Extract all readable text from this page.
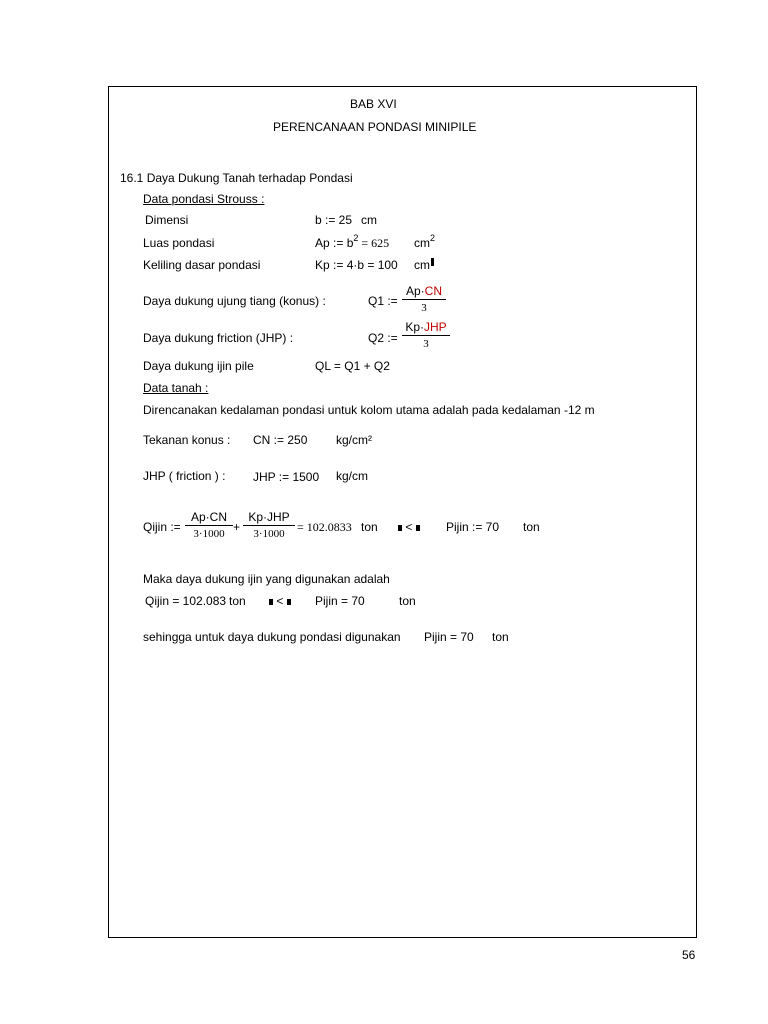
BAB XVI
PERENCANAAN PONDASI MINIPILE
16.1 Daya Dukung Tanah terhadap Pondasi
Data pondasi Strouss :
Dimensi	b := 25 cm
Luas pondasi	Ap := $b^2 = 625$ $cm^2$
Keliling dasar pondasi	Kp := 4·b = 100 cm
Daya dukung ujung tiang (konus) :	Q1 := $\frac{Ap\cdot CN}{3}$
Daya dukung friction (JHP) :	Q2 :=
Kp·JHP
3
Daya dukung ijin pile	QL = Q1 + Q2
Data tanah :
Direncanakan kedalaman pondasi untuk kolom utama adalah pada kedalaman -12 m
Tekanan konus : CN := 250 kg/cm²
JHP ( friction ) : JHP := 1500 kg/cm
Qijin := $\frac{Ap\cdot CN}{3\cdot 1000}$ +
Kp·JHP
3·1000	= 102.0833 ton	<	Pijin := 70 ton
Maka daya dukung ijin yang digunakan adalah
Qijin = 102.083 ton	<	Pijin = 70	ton
sehingga untuk daya dukung pondasi digunakan Pijin = 70 ton
56
